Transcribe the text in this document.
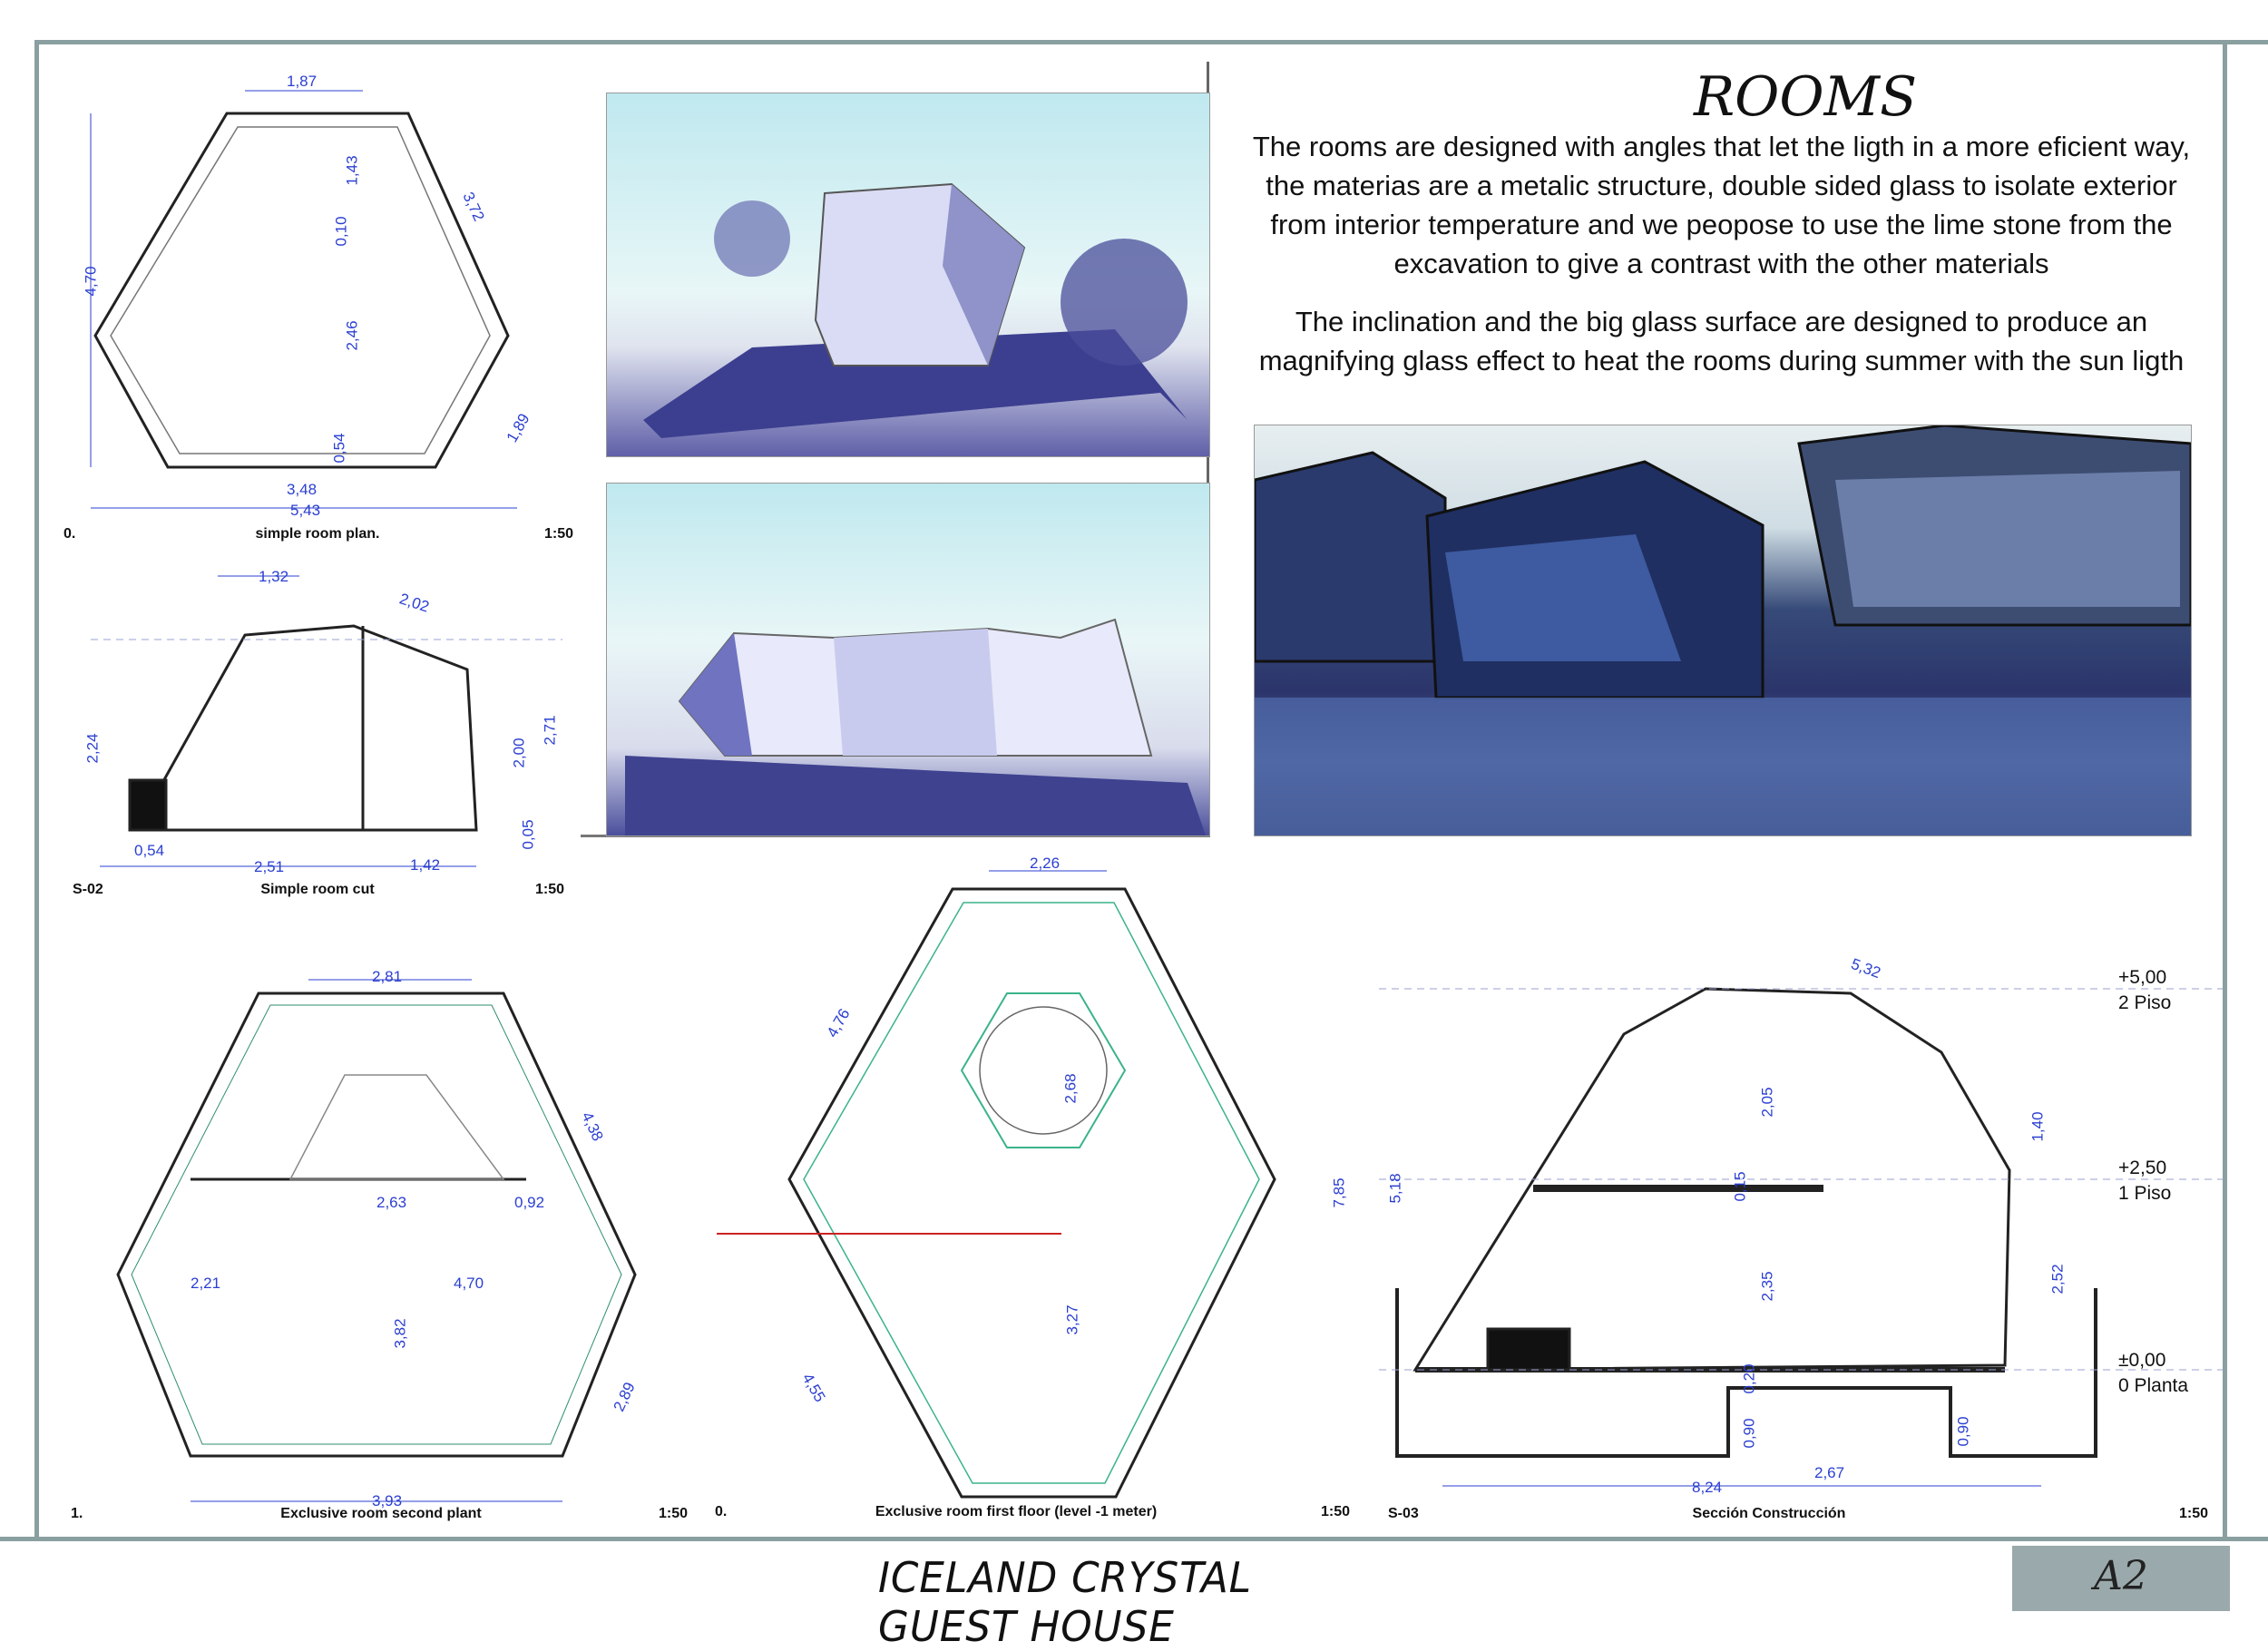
A2
ICELAND CRYSTAL GUEST HOUSE
ROOMS
The rooms are designed with angles that let the ligth in a more eficient way, the materias are a metalic structure, double sided glass to isolate exterior from interior temperature and we peopose to use the lime stone from the excavation to give a contrast with the other materials
The inclination and the big glass surface are designed to produce an magnifying glass effect to heat the rooms during summer with the sun ligth
1,87
3,72
4,70
1,43
0,10
2,46
0,54
1,89
3,48
5,43
1,32
2,02
2,24	2,00
2,71
0,05
0,54
2,51	1,42
2,81
4,38
2,63	0,92
2,21	4,70
3,82
2,89
3,93
2,26
4,76
2,68
7,85
3,27
4,55
5,32
1,40
5,18
2,05
0,15
2,35	2,52
0,20
0,90	0,90
2,67
8,24
+5,00
2 Piso
+2,50
1 Piso
±0,00
0 Planta
0.	simple room plan.	1:50
S-02	Simple room cut	1:50
1.	Exclusive room second plant	1:50 0.	Exclusive room first floor (level -1 meter)	1:50	S-03	Sección Construcción	1:50
